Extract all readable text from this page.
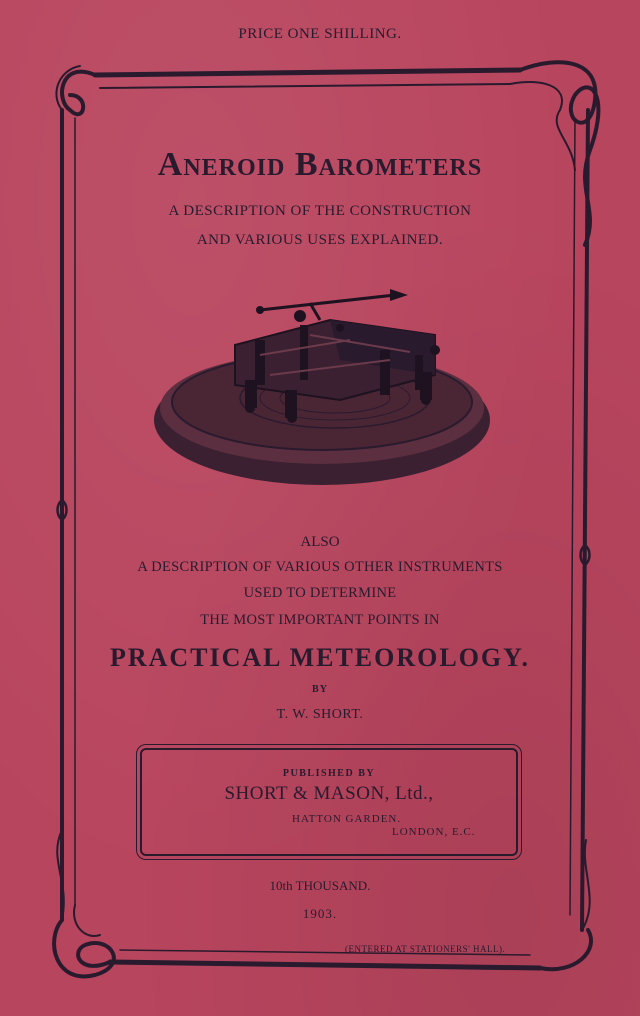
PRICE ONE SHILLING.
Aneroid Barometers
A DESCRIPTION OF THE CONSTRUCTION
AND VARIOUS USES EXPLAINED.
ALSO
A DESCRIPTION OF VARIOUS OTHER INSTRUMENTS
USED TO DETERMINE
THE MOST IMPORTANT POINTS IN
PRACTICAL METEOROLOGY.
BY
T. W. SHORT.
PUBLISHED BY
SHORT & MASON, Ltd.,
HATTON GARDEN.
LONDON, E.C.
10th THOUSAND.
1903.
(ENTERED AT STATIONERS' HALL).
